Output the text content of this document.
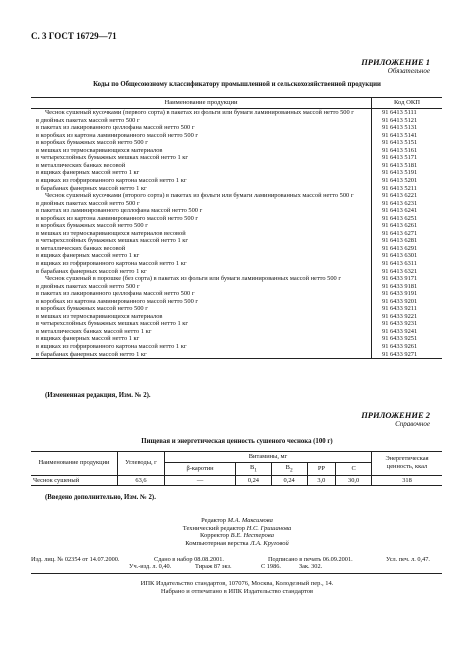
С. 3 ГОСТ 16729—71
ПРИЛОЖЕНИЕ 1
Обязательное
Коды по Общесоюзному классификатору промышленной и сельскохозяйственной продукции
Наименование продукции	Код ОКП
Чеснок сушеный кусочками (первого сорта) в пакетах из фольги или бумаги ламинированных массой нетто 500 г	91 6413 5111
в двойных пакетах массой нетто 500 г	91 6413 5121
в пакетах из лакированного целлофана массой нетто 500 г	91 6413 5131
в коробках из картона ламинированного массой нетто 500 г	91 6413 5141
в коробках бумажных массой нетто 500 г	91 6413 5151
в мешках из термосваривающихся материалов	91 6413 5161
в четырехслойных бумажных мешках массой нетто 1 кг	91 6413 5171
в металлических банках весовой	91 6413 5181
в ящиках фанерных массой нетто 1 кг	91 6413 5191
в ящиках из гофрированного картона массой нетто 1 кг	91 6413 5201
в барабанах фанерных массой нетто 1 кг	91 6413 5211
Чеснок сушеный кусочками (второго сорта) в пакетах из фольги или бумаги ламинированных массой нетто 500 г	91 6413 6221
в двойных пакетах массой нетто 500 г	91 6413 6231
в пакетах из ламинированного целлофана массой нетто 500 г	91 6413 6241
в коробках из картона ламинированного массой нетто 500 г	91 6413 6251
в коробках бумажных массой нетто 500 г	91 6413 6261
в мешках из термосваривающихся материалов весовой	91 6413 6271
в четырехслойных бумажных мешках массой нетто 1 кг	91 6413 6281
в металлических банках весовой	91 6413 6291
в ящиках фанерных массой нетто 1 кг	91 6413 6301
в ящиках из гофрированного картона массой нетто 1 кг	91 6413 6311
в барабанах фанерных массой нетто 1 кг	91 6413 6321
Чеснок сушеный в порошке (без сорта) в пакетах из фольги или бумаги ламинированных массой нетто 500 г	91 6433 9171
в двойных пакетах массой нетто 500 г	91 6433 9181
в пакетах из лакированного целлофана массой нетто 500 г	91 6433 9191
в коробках из картона ламинированного массой нетто 500 г	91 6433 9201
в коробках бумажных массой нетто 500 г	91 6433 9211
в мешках из термосваривающихся материалов	91 6433 9221
в четырехслойных бумажных мешках массой нетто 1 кг	91 6433 9231
в металлических банках массой нетто 1 кг	91 6433 9241
в ящиках фанерных массой нетто 1 кг	91 6433 9251
в ящиках из гофрированного картона массой нетто 1 кг	91 6433 9261
в барабанах фанерных массой нетто 1 кг	91 6433 9271
(Измененная редакция, Изм. № 2).
ПРИЛОЖЕНИЕ 2
Справочное
Пищевая и энергетическая ценность сушеного чеснока (100 г)
Наименование продукции	Углеводы, г	Витамины, мг					Энергетическая ценность, ккал
		β-каротин	$B_1$	$B_2$	PP	C	
Чеснок сушеный	63,6	—	0,24	0,24	3,0	30,0	318
(Введено дополнительно, Изм. № 2).
Редактор М.А. Максимова
Технический редактор Н.С. Гришанова
Корректор В.Е. Нестерова
Компьютерная верстка Л.А. Круговой
Изд. лиц. № 02354 от 14.07.2000.	Сдано в набор 08.08.2001.	Подписано в печать 06.09.2001.	Усл. печ. л. 0,47.
Уч.-изд. л. 0,40.	Тираж 87 экз.	С 1986.	Зак. 302.
ИПК Издательство стандартов, 107076, Москва, Колодезный пер., 14.
Набрано и отпечатано в ИПК Издательство стандартов
